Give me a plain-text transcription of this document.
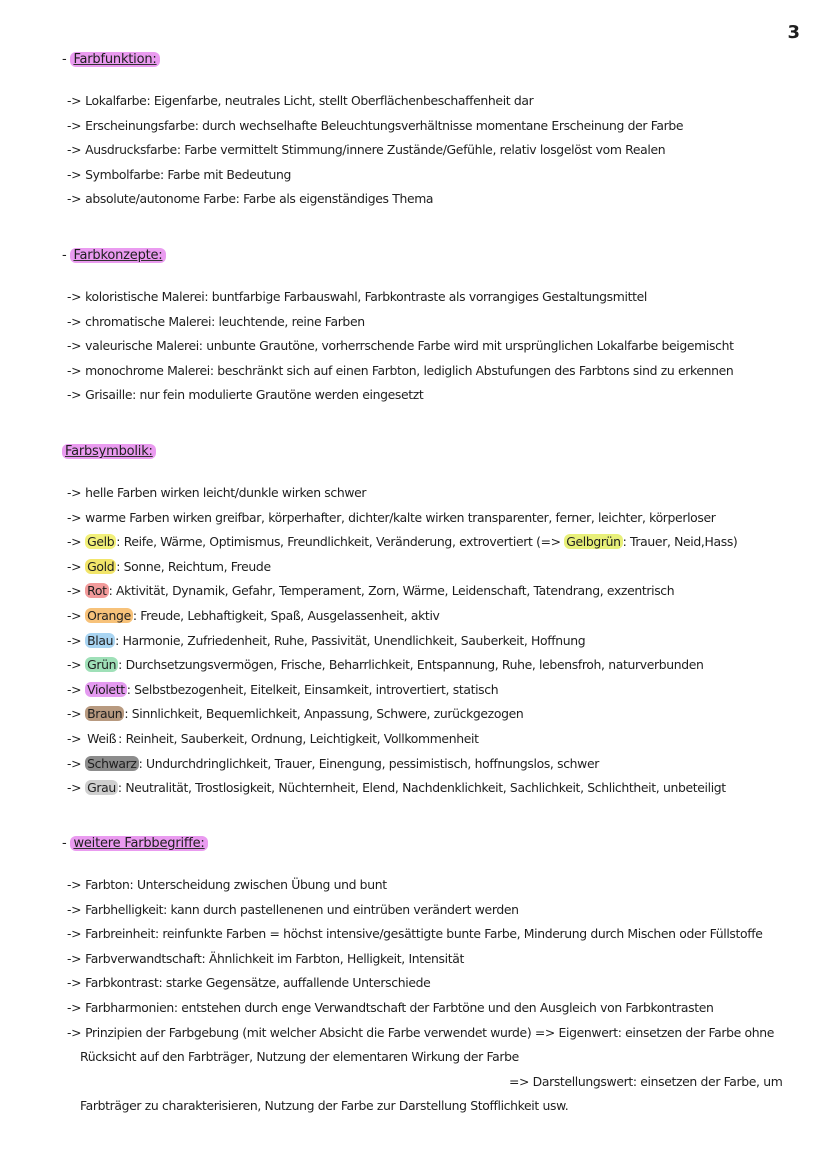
3

- Farbfunktion:

-> Lokalfarbe: Eigenfarbe, neutrales Licht, stellt Oberflächenbeschaffenheit dar
-> Erscheinungsfarbe: durch wechselhafte Beleuchtungsverhältnisse momentane Erscheinung der Farbe
-> Ausdrucksfarbe: Farbe vermittelt Stimmung/innere Zustände/Gefühle, relativ losgelöst vom Realen
-> Symbolfarbe: Farbe mit Bedeutung
-> absolute/autonome Farbe: Farbe als eigenständiges Thema

- Farbkonzepte:

-> koloristische Malerei: buntfarbige Farbauswahl, Farbkontraste als vorrangiges Gestaltungsmittel
-> chromatische Malerei: leuchtende, reine Farben
-> valeurische Malerei: unbunte Grautöne, vorherrschende Farbe wird mit ursprünglichen Lokalfarbe beigemischt
-> monochrome Malerei: beschränkt sich auf einen Farbton, lediglich Abstufungen des Farbtons sind zu erkennen
-> Grisaille: nur fein modulierte Grautöne werden eingesetzt

Farbsymbolik:

-> helle Farben wirken leicht/dunkle wirken schwer
-> warme Farben wirken greifbar, körperhafter, dichter/kalte wirken transparenter, ferner, leichter, körperloser
-> Gelb : Reife, Wärme, Optimismus, Freundlichkeit, Veränderung, extrovertiert (=> Gelbgrün : Trauer, Neid,Hass)
-> Gold : Sonne, Reichtum, Freude
-> Rot : Aktivität, Dynamik, Gefahr, Temperament, Zorn, Wärme, Leidenschaft, Tatendrang, exzentrisch
-> Orange : Freude, Lebhaftigkeit, Spaß, Ausgelassenheit, aktiv
-> Blau : Harmonie, Zufriedenheit, Ruhe, Passivität, Unendlichkeit, Sauberkeit, Hoffnung
-> Grün : Durchsetzungsvermögen, Frische, Beharrlichkeit, Entspannung, Ruhe, lebensfroh, naturverbunden
-> Violett : Selbstbezogenheit, Eitelkeit, Einsamkeit, introvertiert, statisch
-> Braun : Sinnlichkeit, Bequemlichkeit, Anpassung, Schwere, zurückgezogen
-> Weiß : Reinheit, Sauberkeit, Ordnung, Leichtigkeit, Vollkommenheit
-> Schwarz : Undurchdringlichkeit, Trauer, Einengung, pessimistisch, hoffnungslos, schwer
-> Grau : Neutralität, Trostlosigkeit, Nüchternheit, Elend, Nachdenklichkeit, Sachlichkeit, Schlichtheit, unbeteiligt

- weitere Farbbegriffe:

-> Farbton: Unterscheidung zwischen Übung und bunt
-> Farbhelligkeit: kann durch pastellenenen und eintrüben verändert werden
-> Farbreinheit: reinfunkte Farben = höchst intensive/gesättigte bunte Farbe, Minderung durch Mischen oder Füllstoffe
-> Farbverwandtschaft: Ähnlichkeit im Farbton, Helligkeit, Intensität
-> Farbkontrast: starke Gegensätze, auffallende Unterschiede
-> Farbharmonien: entstehen durch enge Verwandtschaft der Farbtöne und den Ausgleich von Farbkontrasten
-> Prinzipien der Farbgebung (mit welcher Absicht die Farbe verwendet wurde) => Eigenwert: einsetzen der Farbe ohne
Rücksicht auf den Farbträger, Nutzung der elementaren Wirkung der Farbe
=> Darstellungswert: einsetzen der Farbe, um
Farbträger zu charakterisieren, Nutzung der Farbe zur Darstellung Stofflichkeit usw.
